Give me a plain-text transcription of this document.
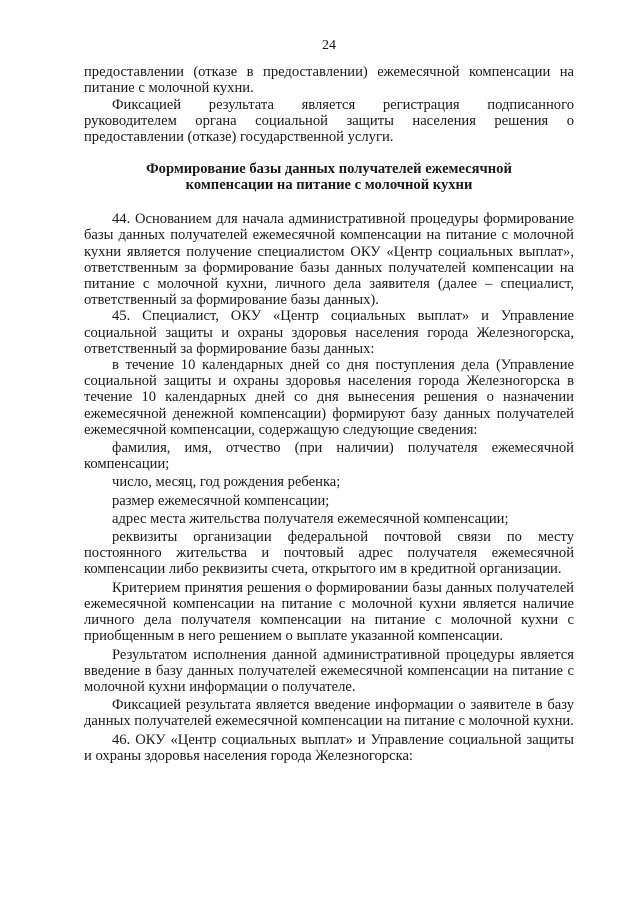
24

предоставлении (отказе в предоставлении) ежемесячной компенсации на питание с молочной кухни.

Фиксацией результата является регистрация подписанного руководителем органа социальной защиты населения решения о предоставлении (отказе) государственной услуги.

Формирование базы данных получателей ежемесячной
компенсации на питание с молочной кухни

44. Основанием для начала административной процедуры формирование базы данных получателей ежемесячной компенсации на питание с молочной кухни является получение специалистом ОКУ «Центр социальных выплат», ответственным за формирование базы данных получателей компенсации на питание с молочной кухни, личного дела заявителя (далее – специалист, ответственный за формирование базы данных).

45. Специалист, ОКУ «Центр социальных выплат» и Управление социальной защиты и охраны здоровья населения города Железногорска, ответственный за формирование базы данных:

в течение 10 календарных дней со дня поступления дела (Управление социальной защиты и охраны здоровья населения города Железногорска в течение 10 календарных дней со дня вынесения решения о назначении ежемесячной денежной компенсации) формируют базу данных получателей ежемесячной компенсации, содержащую следующие сведения:

фамилия, имя, отчество (при наличии) получателя ежемесячной компенсации;

число, месяц, год рождения ребенка;

размер ежемесячной компенсации;

адрес места жительства получателя ежемесячной компенсации;

реквизиты организации федеральной почтовой связи по месту постоянного жительства и почтовый адрес получателя ежемесячной компенсации либо реквизиты счета, открытого им в кредитной организации.

Критерием принятия решения о формировании базы данных получателей ежемесячной компенсации на питание с молочной кухни является наличие личного дела получателя компенсации на питание с молочной кухни с приобщенным в него решением о выплате указанной компенсации.

Результатом исполнения данной административной процедуры является введение в базу данных получателей ежемесячной компенсации на питание с молочной кухни информации о получателе.

Фиксацией результата является введение информации о заявителе в базу данных получателей ежемесячной компенсации на питание с молочной кухни.

46. ОКУ «Центр социальных выплат» и Управление социальной защиты и охраны здоровья населения города Железногорска:
